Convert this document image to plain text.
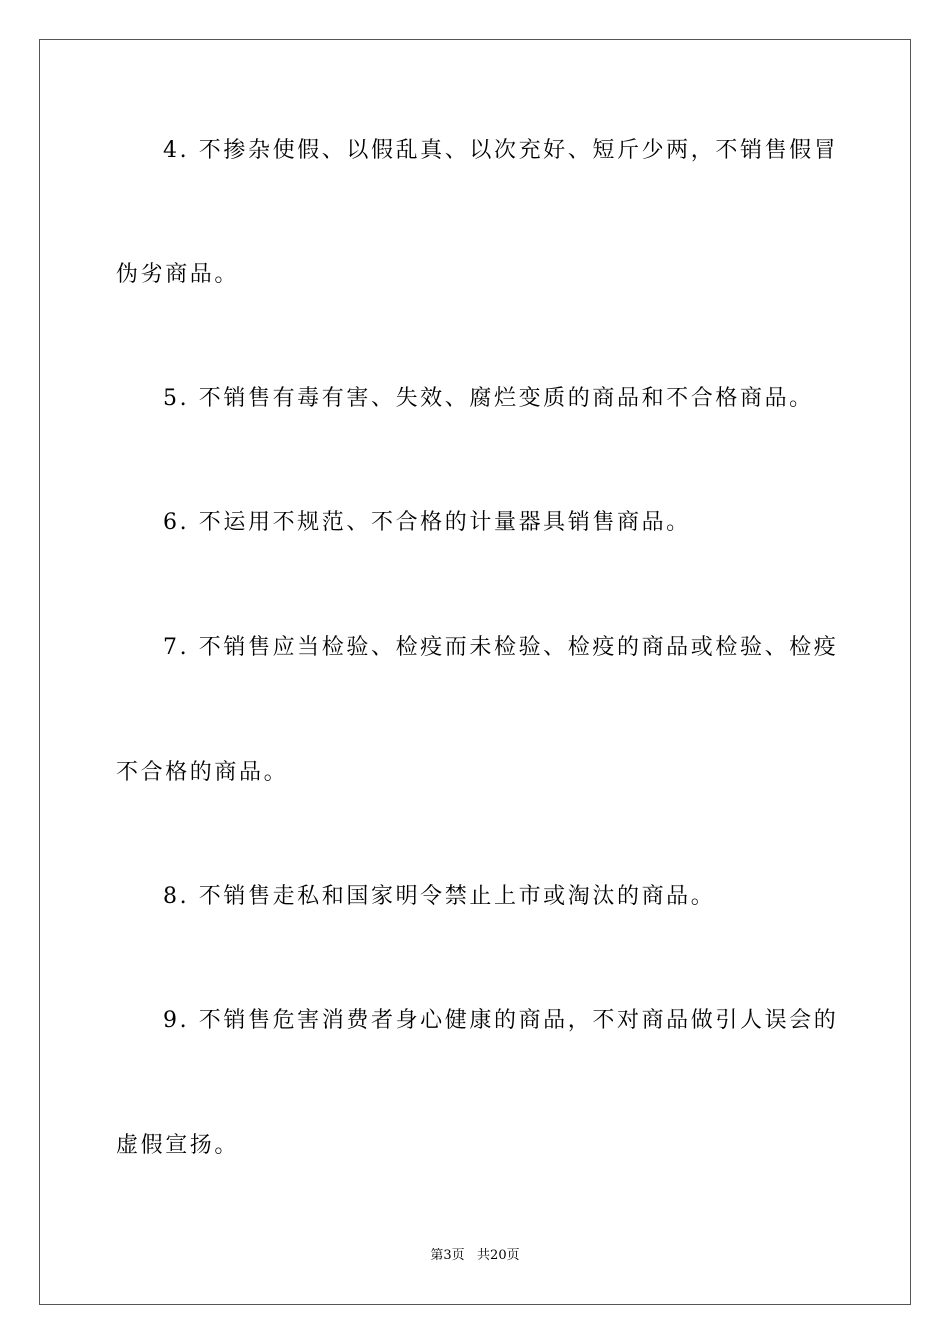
4. 不掺杂使假、以假乱真、以次充好、短斤少两，不销售假冒
伪劣商品。
5. 不销售有毒有害、失效、腐烂变质的商品和不合格商品。
6. 不运用不规范、不合格的计量器具销售商品。
7. 不销售应当检验、检疫而未检验、检疫的商品或检验、检疫
不合格的商品。
8. 不销售走私和国家明令禁止上市或淘汰的商品。
9. 不销售危害消费者身心健康的商品，不对商品做引人误会的
虚假宣扬。
第3页   共20页
